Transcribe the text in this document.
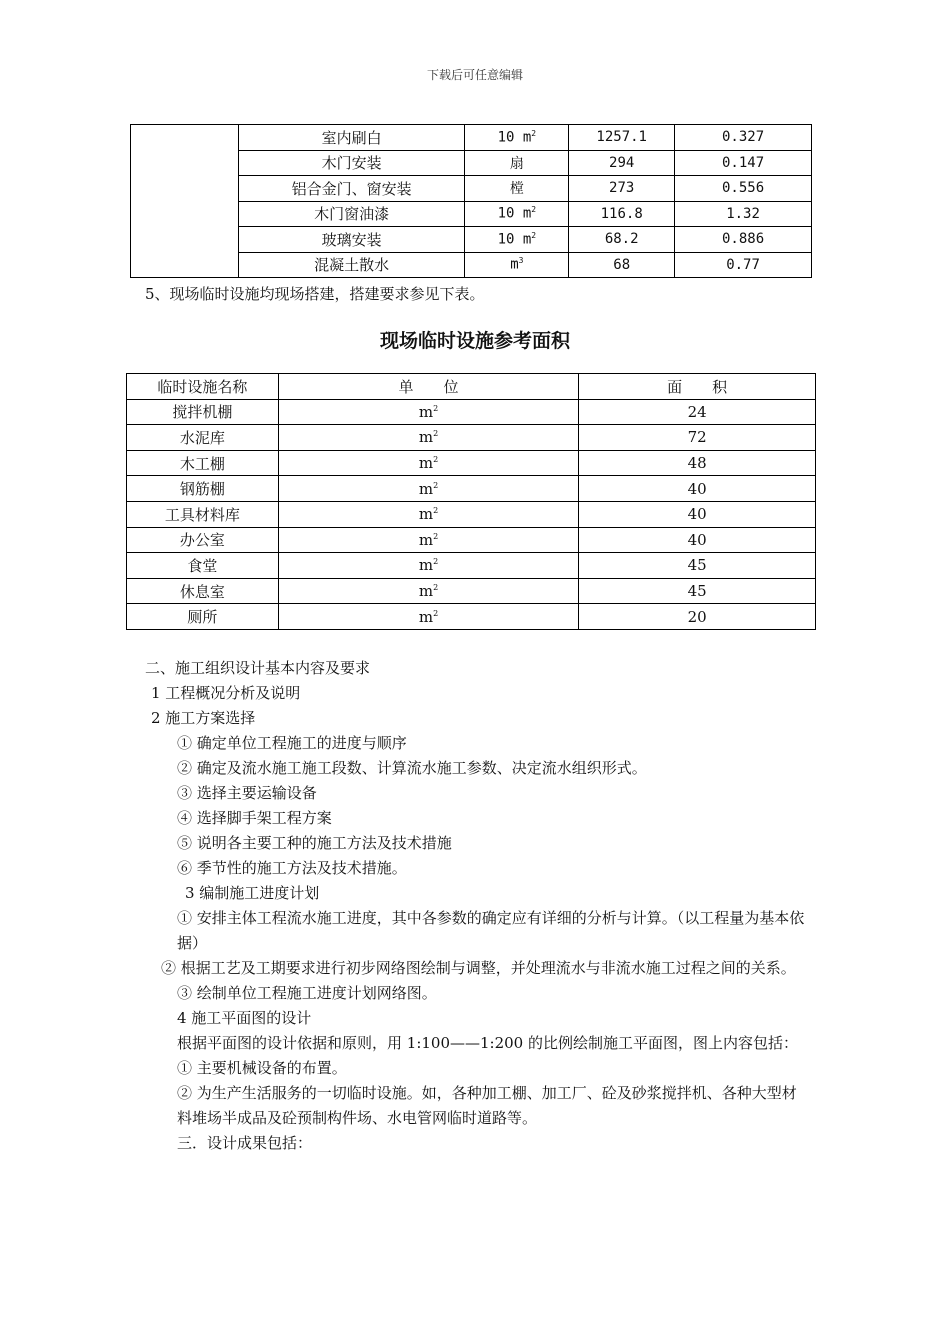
下载后可任意编辑
	室内刷白	10 $m^2$	1257.1	0.327
	木门安装	扇	294	0.147
	铝合金门、窗安装	樘	273	0.556
	木门窗油漆	10 $m^2$	116.8	1.32
	玻璃安装	10 $m^2$	68.2	0.886
	混凝土散水	$m^3$	68	0.77
5、现场临时设施均现场搭建，搭建要求参见下表。
现场临时设施参考面积
临时设施名称	单　　位	面　　积
搅拌机棚	$m^2$	24
水泥库	$m^2$	72
木工棚	$m^2$	48
钢筋棚	$m^2$	40
工具材料库	$m^2$	40
办公室	$m^2$	40
食堂	$m^2$	45
休息室	$m^2$	45
厕所	$m^2$	20

二、施工组织设计基本内容及要求

1 工程概况分析及说明

2 施工方案选择

① 确定单位工程施工的进度与顺序

② 确定及流水施工施工段数、计算流水施工参数、决定流水组织形式。

③ 选择主要运输设备

④ 选择脚手架工程方案

⑤ 说明各主要工种的施工方法及技术措施

⑥ 季节性的施工方法及技术措施。

3 编制施工进度计划

① 安排主体工程流水施工进度，其中各参数的确定应有详细的分析与计算。（以工程量为基本依据）

② 根据工艺及工期要求进行初步网络图绘制与调整，并处理流水与非流水施工过程之间的关系。

③ 绘制单位工程施工进度计划网络图。

4 施工平面图的设计

根据平面图的设计依据和原则，用 1:100——1:200 的比例绘制施工平面图，图上内容包括：

① 主要机械设备的布置。

② 为生产生活服务的一切临时设施。如，各种加工棚、加工厂、砼及砂浆搅拌机、各种大型材料堆场半成品及砼预制构件场、水电管网临时道路等。

三．设计成果包括：
